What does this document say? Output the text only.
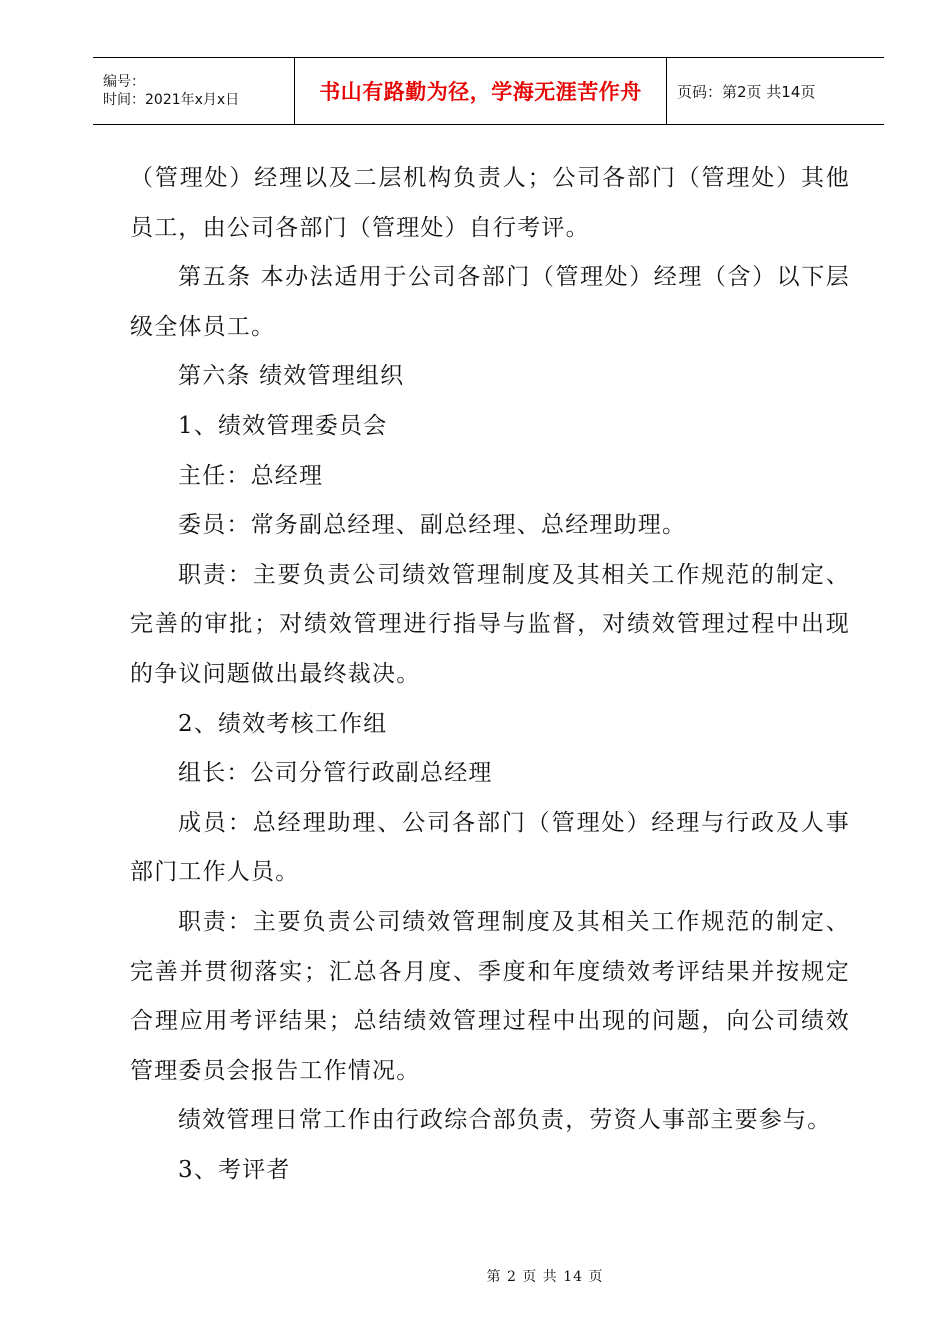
编号：
时间：2021年x月x日	书山有路勤为径，学海无涯苦作舟	页码：第2页 共14页

（管理处）经理以及二层机构负责人；公司各部门（管理处）其他员工，由公司各部门（管理处）自行考评。

第五条 本办法适用于公司各部门（管理处）经理（含）以下层级全体员工。

第六条 绩效管理组织

1、绩效管理委员会

主任：总经理

委员：常务副总经理、副总经理、总经理助理。

职责：主要负责公司绩效管理制度及其相关工作规范的制定、完善的审批；对绩效管理进行指导与监督，对绩效管理过程中出现的争议问题做出最终裁决。

2、绩效考核工作组

组长：公司分管行政副总经理

成员：总经理助理、公司各部门（管理处）经理与行政及人事部门工作人员。

职责：主要负责公司绩效管理制度及其相关工作规范的制定、完善并贯彻落实；汇总各月度、季度和年度绩效考评结果并按规定合理应用考评结果；总结绩效管理过程中出现的问题，向公司绩效管理委员会报告工作情况。

绩效管理日常工作由行政综合部负责，劳资人事部主要参与。

3、考评者

第 2 页 共 14 页
